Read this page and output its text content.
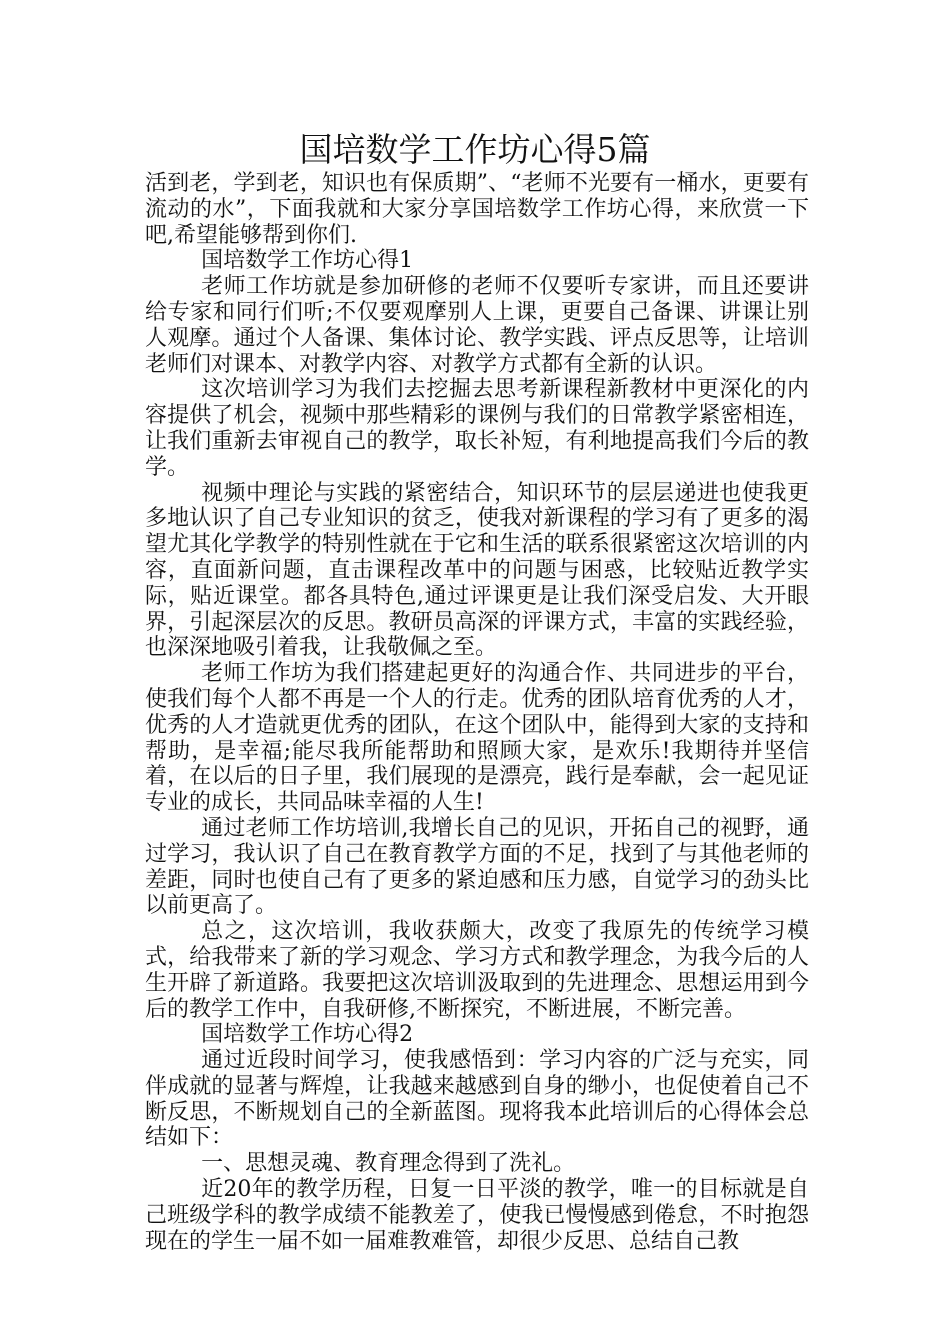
国培数学工作坊心得5篇

活到老，学到老，知识也有保质期”、“老师不光要有一桶水，更要有流动的水”，下面我就和大家分享国培数学工作坊心得，来欣赏一下吧,希望能够帮到你们.

国培数学工作坊心得1

老师工作坊就是参加研修的老师不仅要听专家讲，而且还要讲给专家和同行们听;不仅要观摩别人上课，更要自己备课、讲课让别人观摩。通过个人备课、集体讨论、教学实践、评点反思等，让培训老师们对课本、对教学内容、对教学方式都有全新的认识。

这次培训学习为我们去挖掘去思考新课程新教材中更深化的内容提供了机会，视频中那些精彩的课例与我们的日常教学紧密相连，让我们重新去审视自己的教学，取长补短，有利地提高我们今后的教学。

视频中理论与实践的紧密结合，知识环节的层层递进也使我更多地认识了自己专业知识的贫乏，使我对新课程的学习有了更多的渴望尤其化学教学的特别性就在于它和生活的联系很紧密这次培训的内容，直面新问题，直击课程改革中的问题与困惑，比较贴近教学实际，贴近课堂。都各具特色,通过评课更是让我们深受启发、大开眼界，引起深层次的反思。教研员高深的评课方式，丰富的实践经验，也深深地吸引着我，让我敬佩之至。

老师工作坊为我们搭建起更好的沟通合作、共同进步的平台，使我们每个人都不再是一个人的行走。优秀的团队培育优秀的人才，优秀的人才造就更优秀的团队，在这个团队中，能得到大家的支持和帮助，是幸福;能尽我所能帮助和照顾大家，是欢乐!我期待并坚信着，在以后的日子里，我们展现的是漂亮，践行是奉献，会一起见证专业的成长，共同品味幸福的人生!

通过老师工作坊培训,我增长自己的见识，开拓自己的视野，通过学习，我认识了自己在教育教学方面的不足，找到了与其他老师的差距，同时也使自己有了更多的紧迫感和压力感，自觉学习的劲头比以前更高了。

总之，这次培训，我收获颇大，改变了我原先的传统学习模式，给我带来了新的学习观念、学习方式和教学理念，为我今后的人生开辟了新道路。我要把这次培训汲取到的先进理念、思想运用到今后的教学工作中，自我研修,不断探究，不断进展，不断完善。

国培数学工作坊心得2

通过近段时间学习，使我感悟到：学习内容的广泛与充实，同伴成就的显著与辉煌，让我越来越感到自身的缈小，也促使着自己不断反思，不断规划自己的全新蓝图。现将我本此培训后的心得体会总结如下：

一、思想灵魂、教育理念得到了洗礼。

近20年的教学历程，日复一日平淡的教学，唯一的目标就是自己班级学科的教学成绩不能教差了，使我已慢慢感到倦怠，不时抱怨现在的学生一届不如一届难教难管，却很少反思、总结自己教
